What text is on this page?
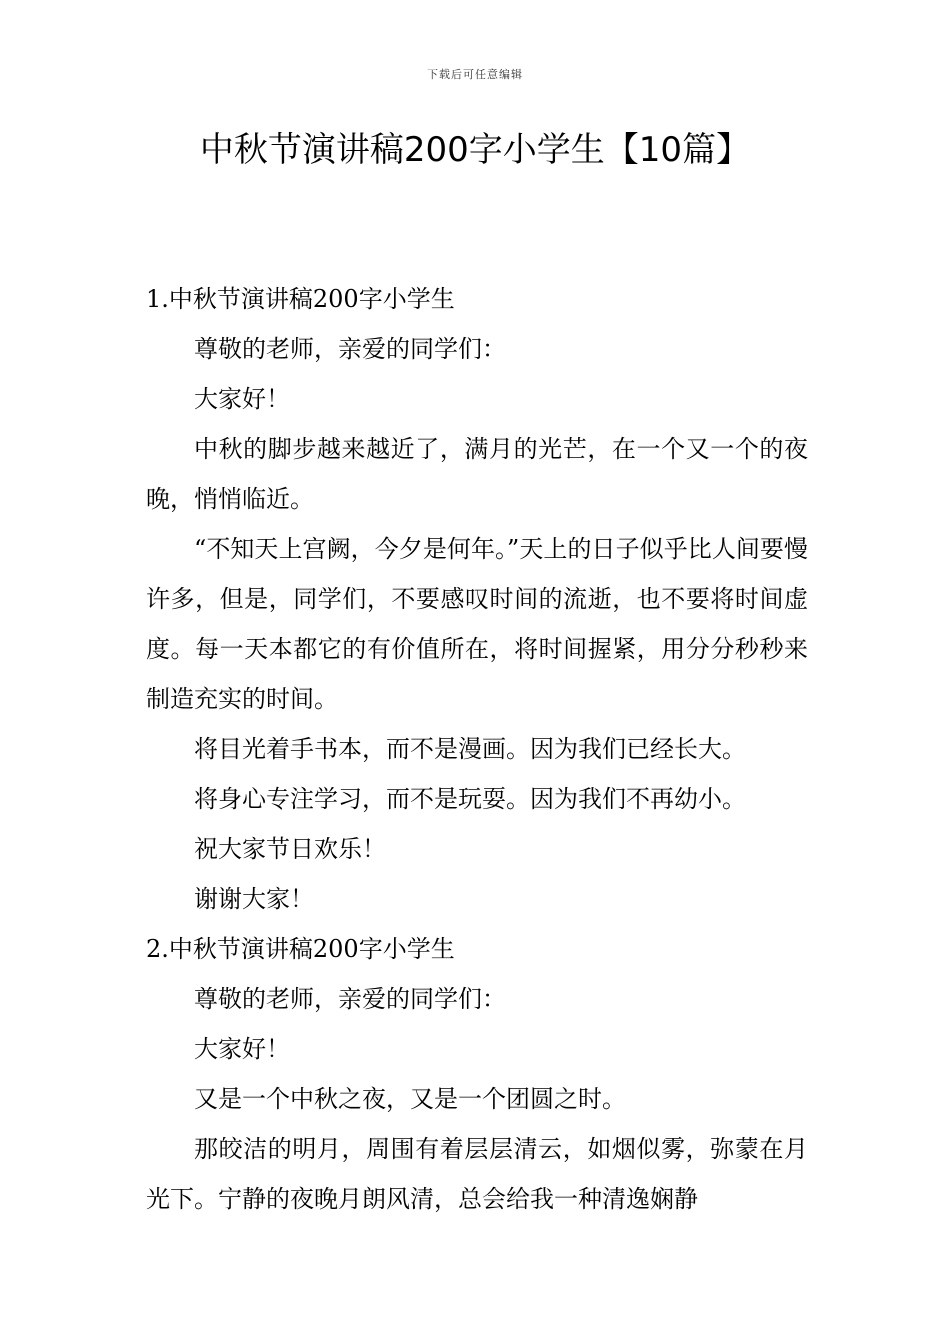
下载后可任意编辑
中秋节演讲稿200字小学生【10篇】

1.中秋节演讲稿200字小学生

尊敬的老师，亲爱的同学们：

大家好！

中秋的脚步越来越近了，满月的光芒，在一个又一个的夜晚，悄悄临近。

“不知天上宫阙，今夕是何年。”天上的日子似乎比人间要慢许多，但是，同学们，不要感叹时间的流逝，也不要将时间虚度。每一天本都它的有价值所在，将时间握紧，用分分秒秒来制造充实的时间。

将目光着手书本，而不是漫画。因为我们已经长大。

将身心专注学习，而不是玩耍。因为我们不再幼小。

祝大家节日欢乐！

谢谢大家！

2.中秋节演讲稿200字小学生

尊敬的老师，亲爱的同学们：

大家好！

又是一个中秋之夜，又是一个团圆之时。

那皎洁的明月，周围有着层层清云，如烟似雾，弥蒙在月光下。宁静的夜晚月朗风清，总会给我一种清逸娴静
